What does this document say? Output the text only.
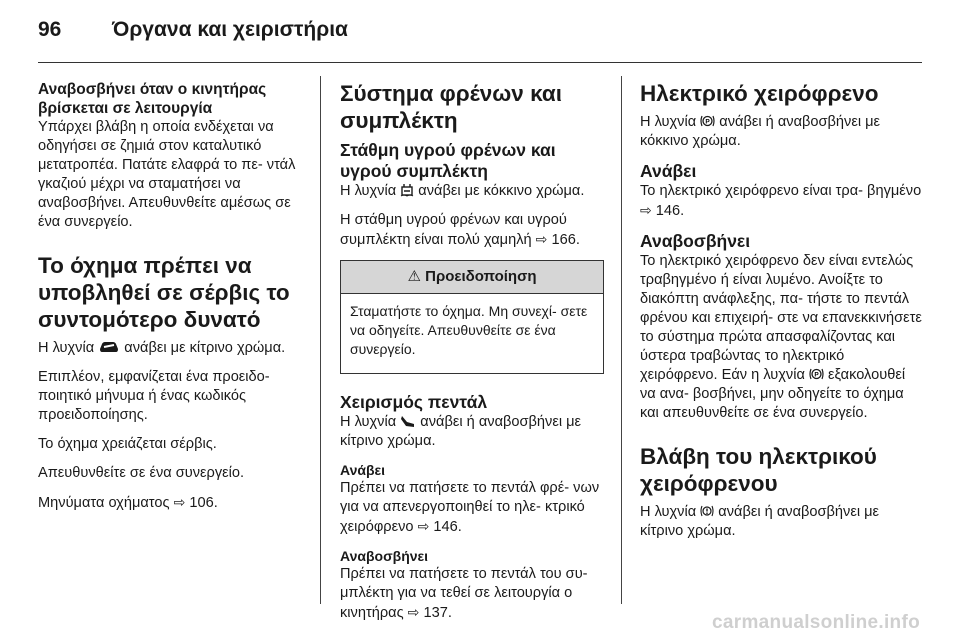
96	Όργανα και χειριστήρια
Αναβοσβήνει όταν ο κινητήρας βρίσκεται σε λειτουργία

Υπάρχει βλάβη η οποία ενδέχεται να οδηγήσει σε ζημιά στον καταλυτικό μετατροπέα. Πατάτε ελαφρά το πε- ντάλ γκαζιού μέχρι να σταματήσει να αναβοσβήνει. Απευθυνθείτε αμέσως σε ένα συνεργείο.

Το όχημα πρέπει να υποβληθεί σε σέρβις το συντομότερο δυνατό

Η λυχνία ανάβει με κίτρινο χρώμα.

Επιπλέον, εμφανίζεται ένα προειδο- ποιητικό μήνυμα ή ένας κωδικός προειδοποίησης.

Το όχημα χρειάζεται σέρβις.

Απευθυνθείτε σε ένα συνεργείο.

Μηνύματα οχήματος ⇨ 106.

Σύστημα φρένων και συμπλέκτη
Στάθμη υγρού φρένων και υγρού συμπλέκτη

Η λυχνία ανάβει με κόκκινο χρώμα.

Η στάθμη υγρού φρένων και υγρού συμπλέκτη είναι πολύ χαμηλή ⇨ 166.

⚠ Προειδοποίηση

Σταματήστε το όχημα. Μη συνεχί- σετε να οδηγείτε. Απευθυνθείτε σε ένα συνεργείο.

Χειρισμός πεντάλ

Η λυχνία ανάβει ή αναβοσβήνει με κίτρινο χρώμα.

Ανάβει

Πρέπει να πατήσετε το πεντάλ φρέ- νων για να απενεργοποιηθεί το ηλε- κτρικό χειρόφρενο ⇨ 146.

Αναβοσβήνει

Πρέπει να πατήσετε το πεντάλ του συ- μπλέκτη για να τεθεί σε λειτουργία ο κινητήρας ⇨ 137.

Ηλεκτρικό χειρόφρενο

Η λυχνία P ανάβει ή αναβοσβήνει με κόκκινο χρώμα.

Ανάβει

Το ηλεκτρικό χειρόφρενο είναι τρα- βηγμένο ⇨ 146.

Αναβοσβήνει

Το ηλεκτρικό χειρόφρενο δεν είναι εντελώς τραβηγμένο ή είναι λυμένο. Ανοίξτε το διακόπτη ανάφλεξης, πα- τήστε το πεντάλ φρένου και επιχειρή- στε να επανεκκινήσετε το σύστημα πρώτα απασφαλίζοντας και ύστερα τραβώντας το ηλεκτρικό χειρόφρενο. Εάν η λυχνία P εξακολουθεί να ανα- βοσβήνει, μην οδηγείτε το όχημα και απευθυνθείτε σε ένα συνεργείο.

Βλάβη του ηλεκτρικού χειρόφρενου

Η λυχνία ανάβει ή αναβοσβήνει με κίτρινο χρώμα.

carmanualsonline.info
